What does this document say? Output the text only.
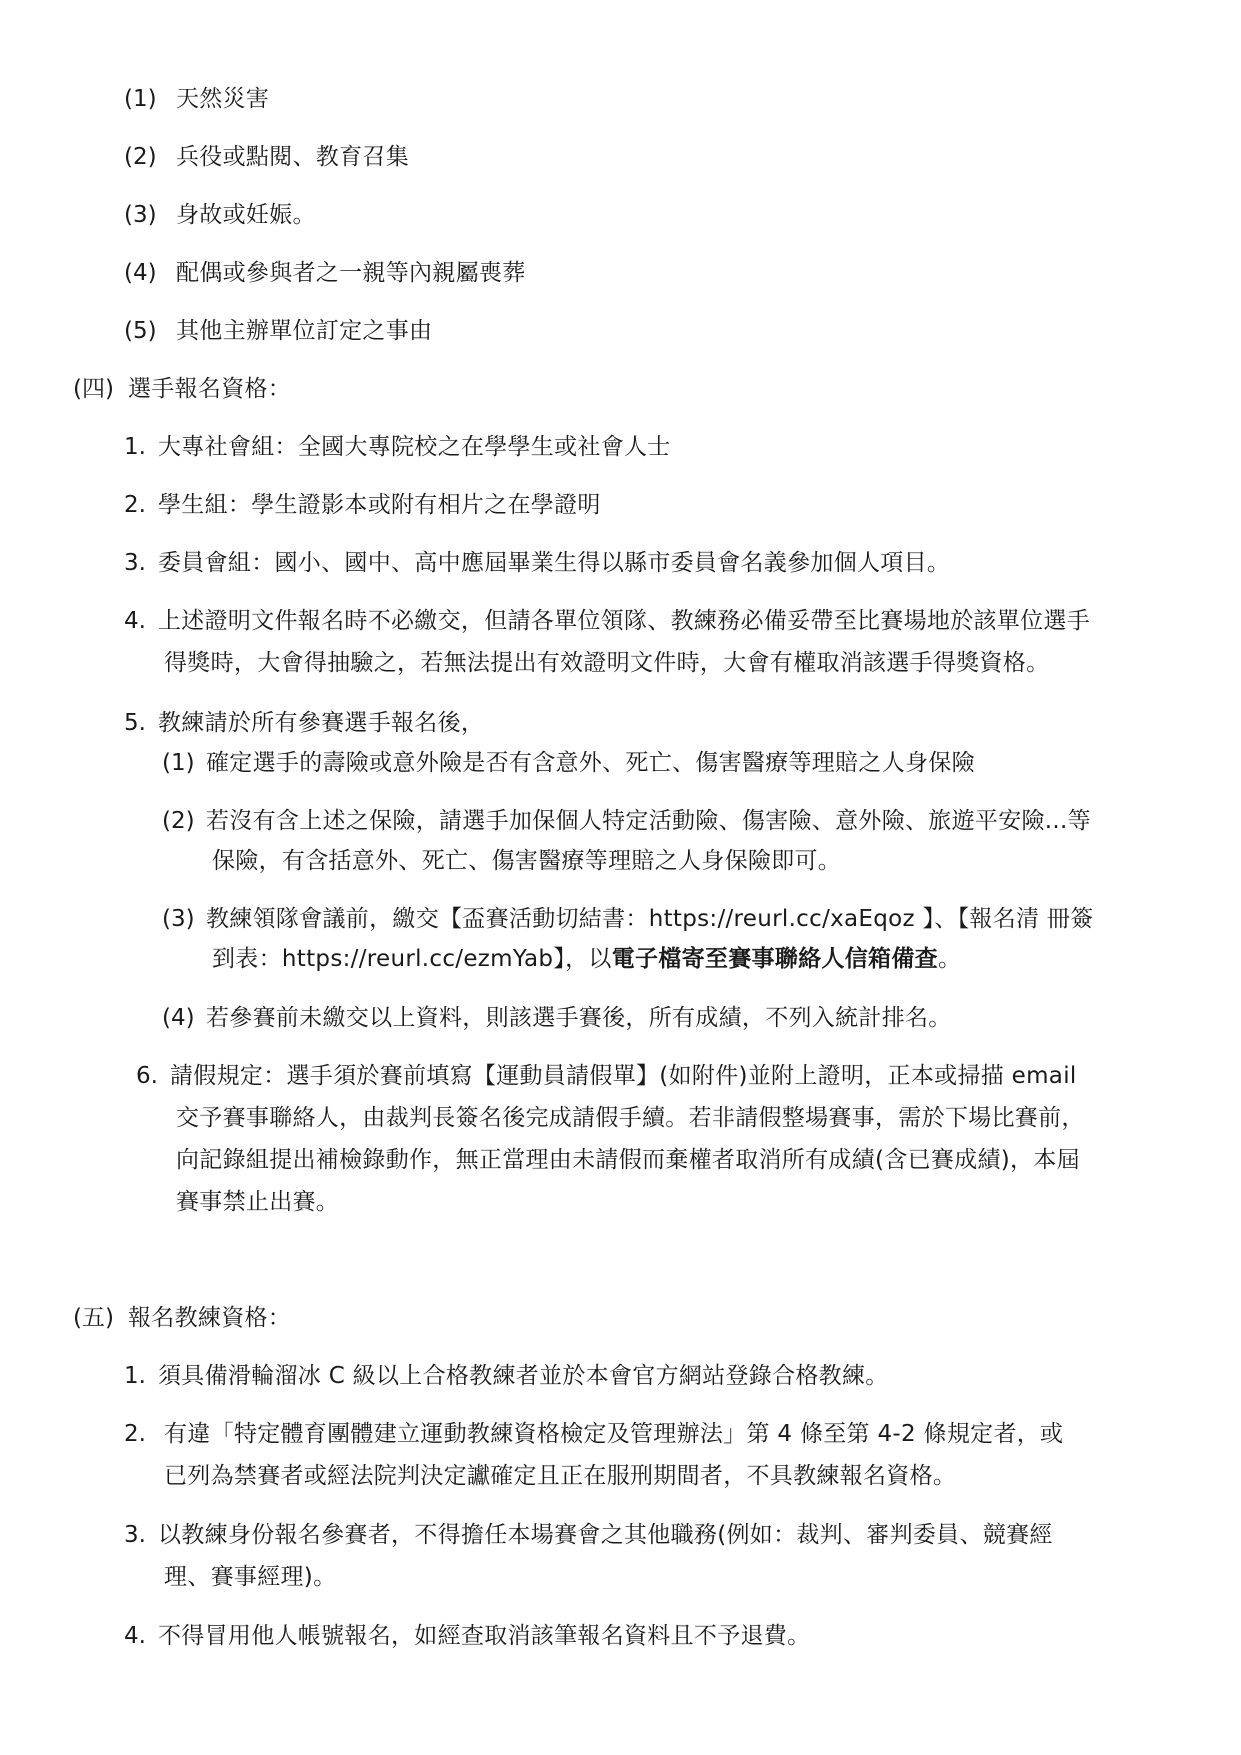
(1) 天然災害
(2) 兵役或點閱、教育召集
(3) 身故或妊娠。
(4) 配偶或參與者之一親等內親屬喪葬
(5) 其他主辦單位訂定之事由
(四) 選手報名資格：
1. 大專社會組：全國大專院校之在學學生或社會人士
2. 學生組：學生證影本或附有相片之在學證明
3. 委員會組：國小、國中、高中應屆畢業生得以縣市委員會名義參加個人項目。
4. 上述證明文件報名時不必繳交，但請各單位領隊、教練務必備妥帶至比賽場地於該單位選手
得獎時，大會得抽驗之，若無法提出有效證明文件時，大會有權取消該選手得獎資格。
5. 教練請於所有參賽選手報名後，
(1) 確定選手的壽險或意外險是否有含意外、死亡、傷害醫療等理賠之人身保險
(2) 若沒有含上述之保險，請選手加保個人特定活動險、傷害險、意外險、旅遊平安險...等
保險，有含括意外、死亡、傷害醫療等理賠之人身保險即可。
(3) 教練領隊會議前，繳交【盃賽活動切結書：https://reurl.cc/xaEqoz 】、【報名清 冊簽
到表：https://reurl.cc/ezmYab】，以電子檔寄至賽事聯絡人信箱備查。
(4) 若參賽前未繳交以上資料，則該選手賽後，所有成績，不列入統計排名。
6. 請假規定：選手須於賽前填寫【運動員請假單】(如附件)並附上證明，正本或掃描 email
交予賽事聯絡人，由裁判長簽名後完成請假手續。若非請假整場賽事，需於下場比賽前，
向記錄組提出補檢錄動作，無正當理由未請假而棄權者取消所有成績(含已賽成績)，本屆
賽事禁止出賽。
(五) 報名教練資格：
1. 須具備滑輪溜冰 C 級以上合格教練者並於本會官方網站登錄合格教練。
2. 有違「特定體育團體建立運動教練資格檢定及管理辦法」第 4 條至第 4-2 條規定者，或
已列為禁賽者或經法院判決定讞確定且正在服刑期間者，不具教練報名資格。
3. 以教練身份報名參賽者，不得擔任本場賽會之其他職務(例如：裁判、審判委員、競賽經
理、賽事經理)。
4. 不得冒用他人帳號報名，如經查取消該筆報名資料且不予退費。
